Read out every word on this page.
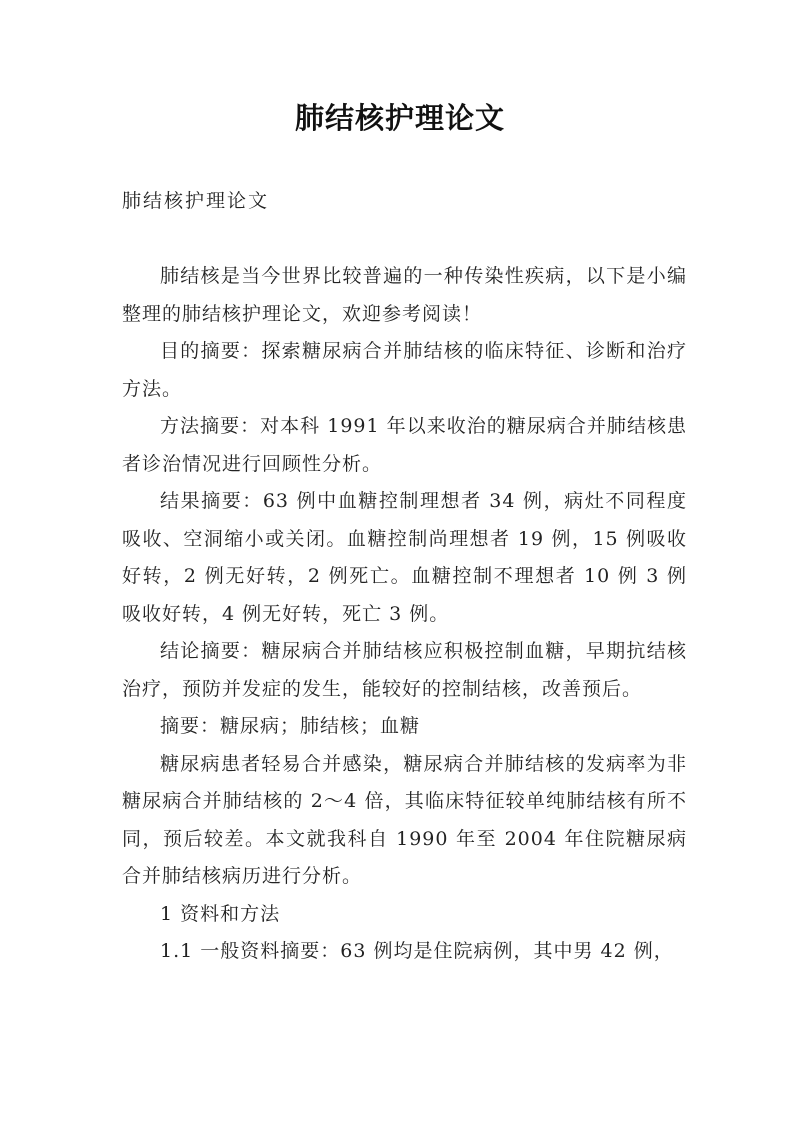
肺结核护理论文
肺结核护理论文

肺结核是当今世界比较普遍的一种传染性疾病，以下是小编整理的肺结核护理论文，欢迎参考阅读！

目的摘要：探索糖尿病合并肺结核的临床特征、诊断和治疗方法。

方法摘要：对本科 1991 年以来收治的糖尿病合并肺结核患者诊治情况进行回顾性分析。

结果摘要：63 例中血糖控制理想者 34 例，病灶不同程度吸收、空洞缩小或关闭。血糖控制尚理想者 19 例，15 例吸收好转，2 例无好转，2 例死亡。血糖控制不理想者 10 例 3 例吸收好转，4 例无好转，死亡 3 例。

结论摘要：糖尿病合并肺结核应积极控制血糖，早期抗结核治疗，预防并发症的发生，能较好的控制结核，改善预后。

摘要：糖尿病；肺结核；血糖

糖尿病患者轻易合并感染，糖尿病合并肺结核的发病率为非糖尿病合并肺结核的 2～4 倍，其临床特征较单纯肺结核有所不同，预后较差。本文就我科自 1990 年至 2004 年住院糖尿病合并肺结核病历进行分析。

1 资料和方法

1.1 一般资料摘要：63 例均是住院病例，其中男 42 例，
